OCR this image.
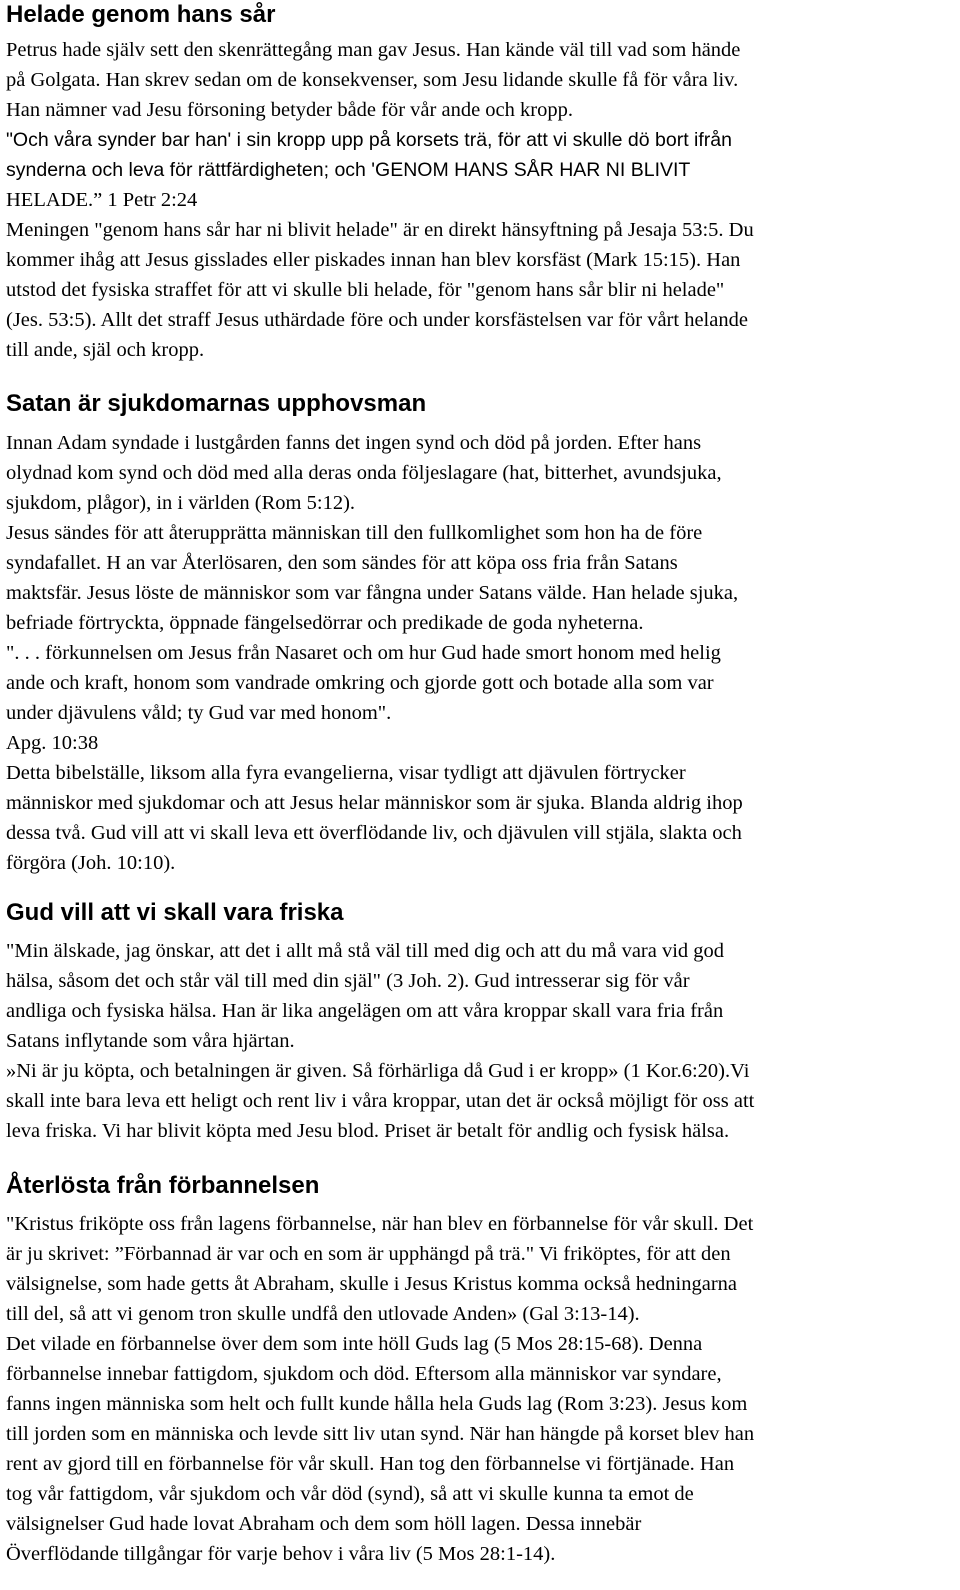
Helade genom hans sår
Petrus hade själv sett den skenrättegång man gav Jesus. Han kände väl till vad som hände
på Golgata. Han skrev sedan om de konsekvenser, som Jesu lidande skulle få för våra liv.
Han nämner vad Jesu försoning betyder både för vår ande och kropp.
"Och våra synder bar han' i sin kropp upp på korsets trä, för att vi skulle dö bort ifrån
synderna och leva för rättfärdigheten; och 'GENOM HANS SÅR HAR NI BLIVIT
HELADE.” 1 Petr 2:24
Meningen "genom hans sår har ni blivit helade" är en direkt hänsyftning på Jesaja 53:5. Du
kommer ihåg att Jesus gisslades eller piskades innan han blev korsfäst (Mark 15:15). Han
utstod det fysiska straffet för att vi skulle bli helade, för "genom hans sår blir ni helade"
(Jes. 53:5). Allt det straff Jesus uthärdade före och under korsfästelsen var för vårt helande
till ande, själ och kropp.
Satan är sjukdomarnas upphovsman
Innan Adam syndade i lustgården fanns det ingen synd och död på jorden. Efter hans
olydnad kom synd och död med alla deras onda följeslagare (hat, bitterhet, avundsjuka,
sjukdom, plågor), in i världen (Rom 5:12).
Jesus sändes för att återupprätta människan till den fullkomlighet som hon ha de före
syndafallet. H an var Återlösaren, den som sändes för att köpa oss fria från Satans
maktsfär. Jesus löste de människor som var fångna under Satans välde. Han helade sjuka,
befriade förtryckta, öppnade fängelsedörrar och predikade de goda nyheterna.
". . . förkunnelsen om Jesus från Nasaret och om hur Gud hade smort honom med helig
ande och kraft, honom som vandrade omkring och gjorde gott och botade alla som var
under djävulens våld; ty Gud var med honom".
Apg. 10:38
Detta bibelställe, liksom alla fyra evangelierna, visar tydligt att djävulen förtrycker
människor med sjukdomar och att Jesus helar människor som är sjuka. Blanda aldrig ihop
dessa två. Gud vill att vi skall leva ett överflödande liv, och djävulen vill stjäla, slakta och
förgöra (Joh. 10:10).
Gud vill att vi skall vara friska
"Min älskade, jag önskar, att det i allt må stå väl till med dig och att du må vara vid god
hälsa, såsom det och står väl till med din själ" (3 Joh. 2). Gud intresserar sig för vår
andliga och fysiska hälsa. Han är lika angelägen om att våra kroppar skall vara fria från
Satans inflytande som våra hjärtan.
»Ni är ju köpta, och betalningen är given. Så förhärliga då Gud i er kropp» (1 Kor.6:20).Vi
skall inte bara leva ett heligt och rent liv i våra kroppar, utan det är också möjligt för oss att
leva friska. Vi har blivit köpta med Jesu blod. Priset är betalt för andlig och fysisk hälsa.
Återlösta från förbannelsen
"Kristus friköpte oss från lagens förbannelse, när han blev en förbannelse för vår skull. Det
är ju skrivet: ”Förbannad är var och en som är upphängd på trä." Vi friköptes, för att den
välsignelse, som hade getts åt Abraham, skulle i Jesus Kristus komma också hedningarna
till del, så att vi genom tron skulle undfå den utlovade Anden» (Gal 3:13-14).
Det vilade en förbannelse över dem som inte höll Guds lag (5 Mos 28:15-68). Denna
förbannelse innebar fattigdom, sjukdom och död. Eftersom alla människor var syndare,
fanns ingen människa som helt och fullt kunde hålla hela Guds lag (Rom 3:23). Jesus kom
till jorden som en människa och levde sitt liv utan synd. När han hängde på korset blev han
rent av gjord till en förbannelse för vår skull. Han tog den förbannelse vi förtjänade. Han
tog vår fattigdom, vår sjukdom och vår död (synd), så att vi skulle kunna ta emot de
välsignelser Gud hade lovat Abraham och dem som höll lagen. Dessa innebär
Överflödande tillgångar för varje behov i våra liv (5 Mos 28:1-14).
